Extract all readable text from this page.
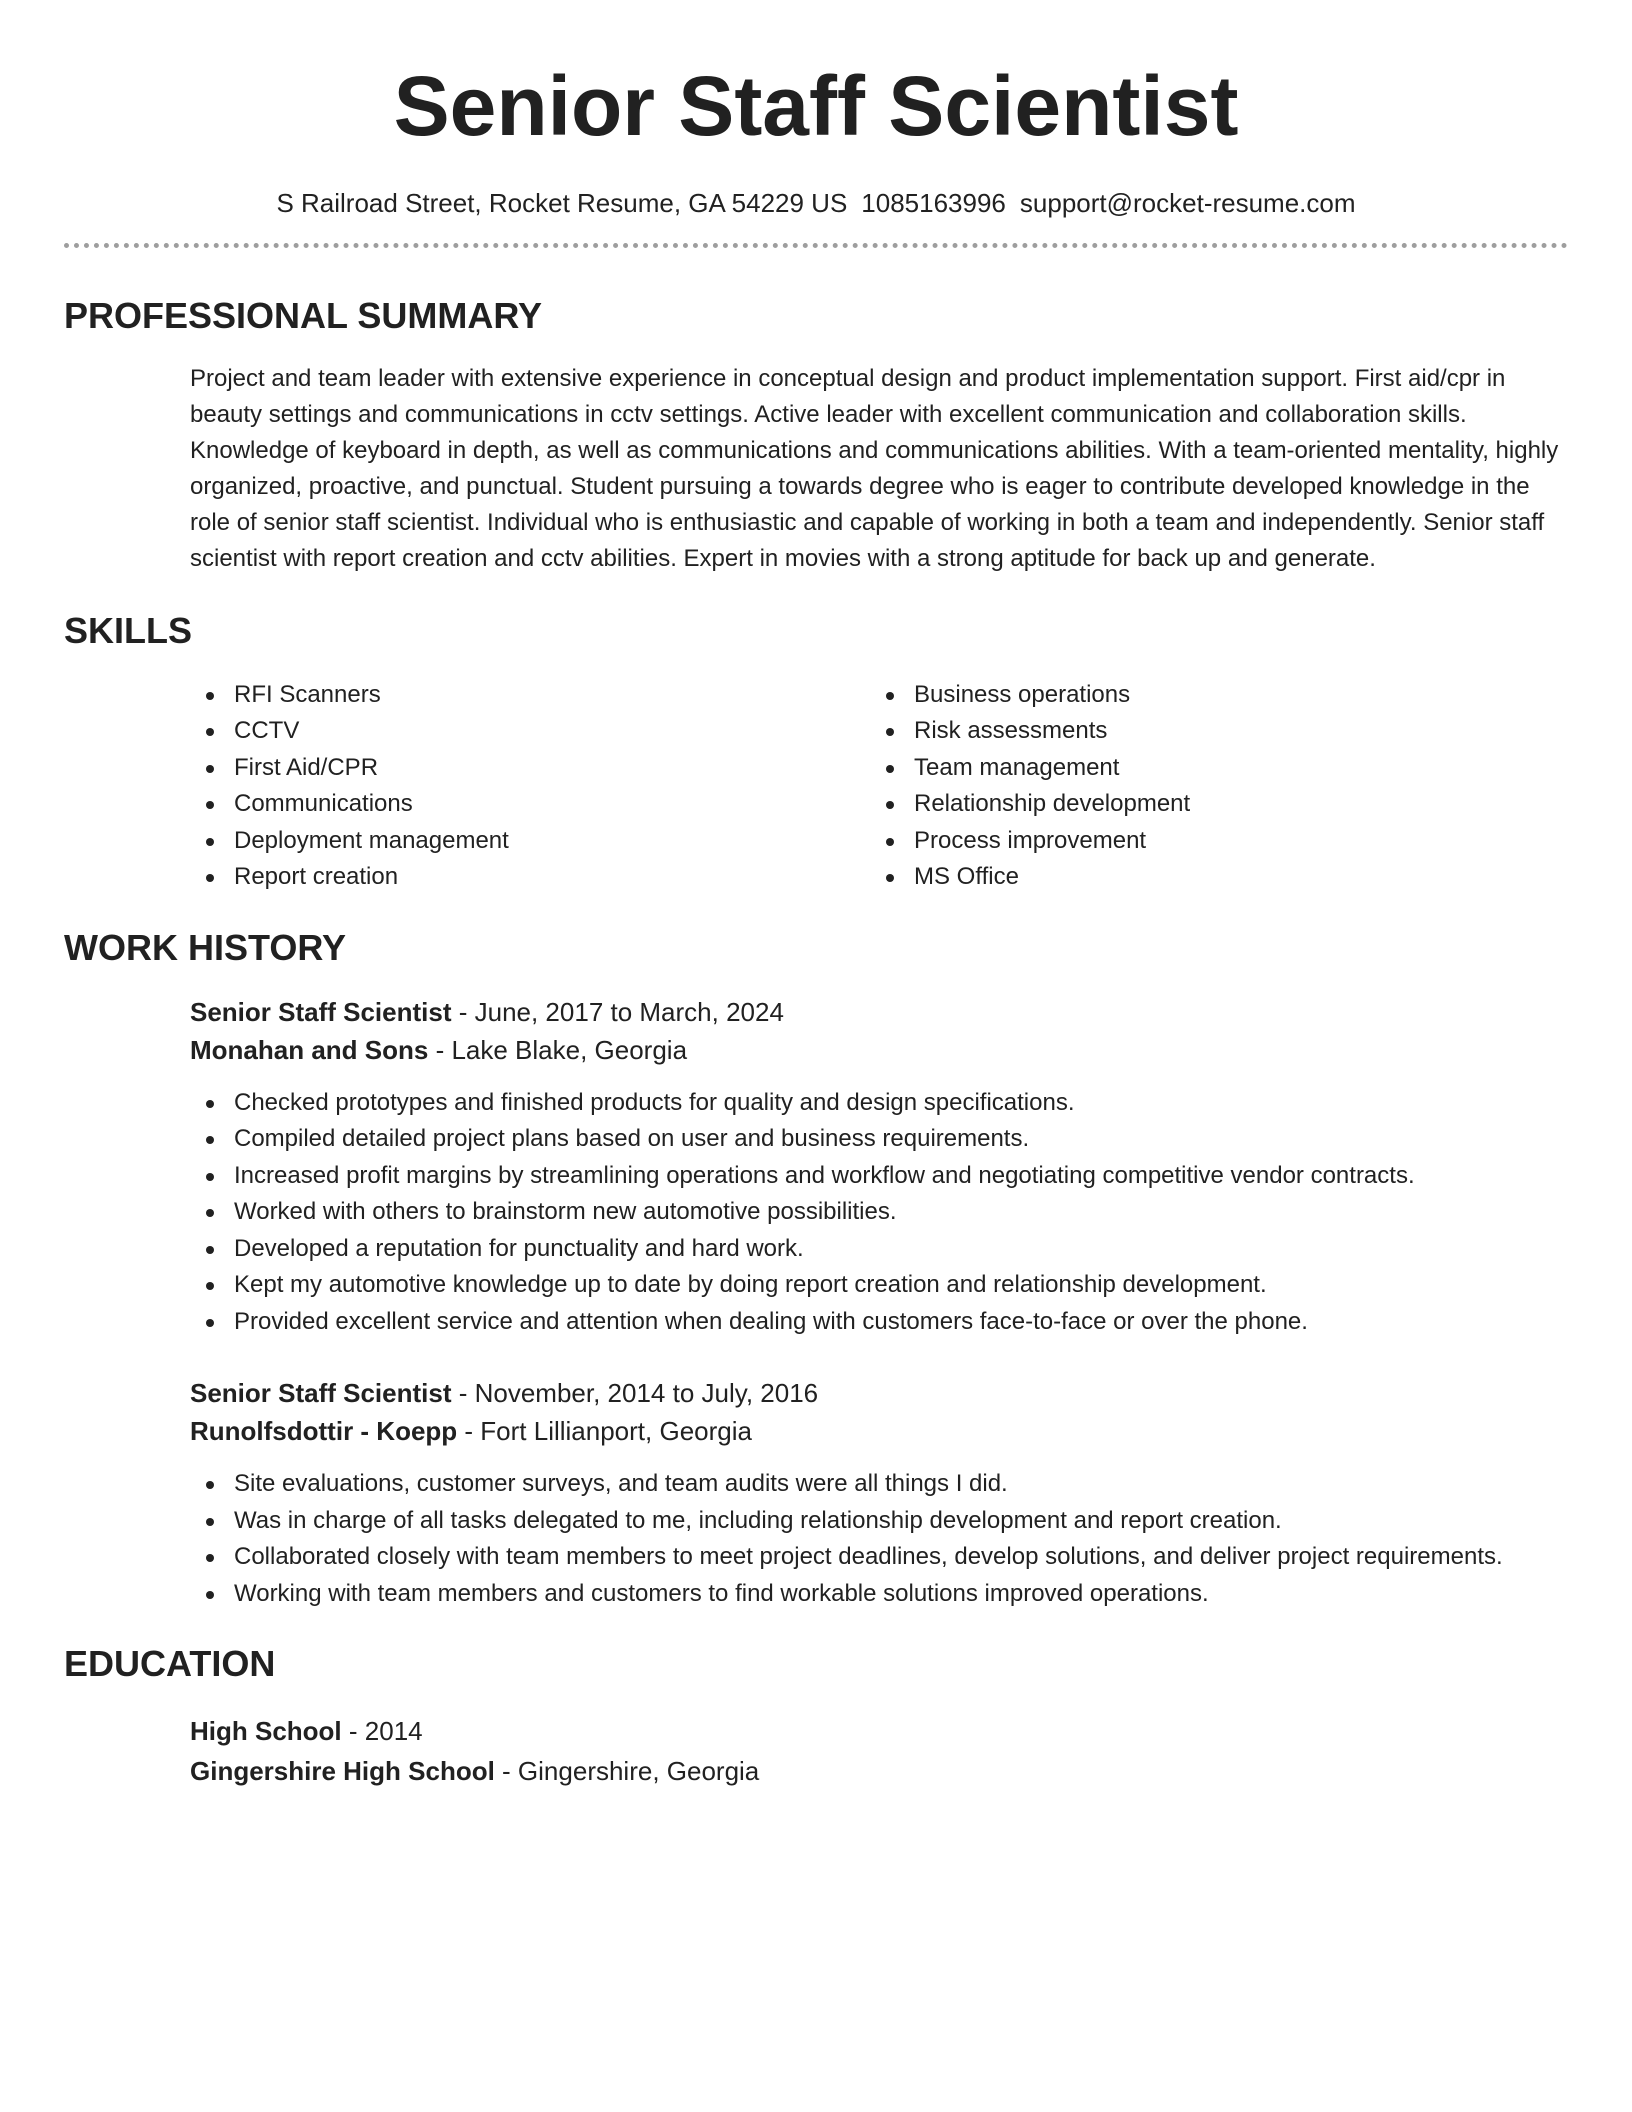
Senior Staff Scientist
S Railroad Street, Rocket Resume, GA 54229 US 1085163996 support@rocket-resume.com
PROFESSIONAL SUMMARY

Project and team leader with extensive experience in conceptual design and product implementation support. First aid/cpr in beauty settings and communications in cctv settings. Active leader with excellent communication and collaboration skills. Knowledge of keyboard in depth, as well as communications and communications abilities. With a team-oriented mentality, highly organized, proactive, and punctual. Student pursuing a towards degree who is eager to contribute developed knowledge in the role of senior staff scientist. Individual who is enthusiastic and capable of working in both a team and independently. Senior staff scientist with report creation and cctv abilities. Expert in movies with a strong aptitude for back up and generate.

SKILLS
RFI Scanners
CCTV
First Aid/CPR
Communications
Deployment management
Report creation
Business operations
Risk assessments
Team management
Relationship development
Process improvement
MS Office
WORK HISTORY
Senior Staff Scientist - June, 2017 to March, 2024
Monahan and Sons - Lake Blake, Georgia
Checked prototypes and finished products for quality and design specifications.
Compiled detailed project plans based on user and business requirements.
Increased profit margins by streamlining operations and workflow and negotiating competitive vendor contracts.
Worked with others to brainstorm new automotive possibilities.
Developed a reputation for punctuality and hard work.
Kept my automotive knowledge up to date by doing report creation and relationship development.
Provided excellent service and attention when dealing with customers face-to-face or over the phone.
Senior Staff Scientist - November, 2014 to July, 2016
Runolfsdottir - Koepp - Fort Lillianport, Georgia
Site evaluations, customer surveys, and team audits were all things I did.
Was in charge of all tasks delegated to me, including relationship development and report creation.
Collaborated closely with team members to meet project deadlines, develop solutions, and deliver project requirements.
Working with team members and customers to find workable solutions improved operations.
EDUCATION
High School - 2014
Gingershire High School - Gingershire, Georgia
